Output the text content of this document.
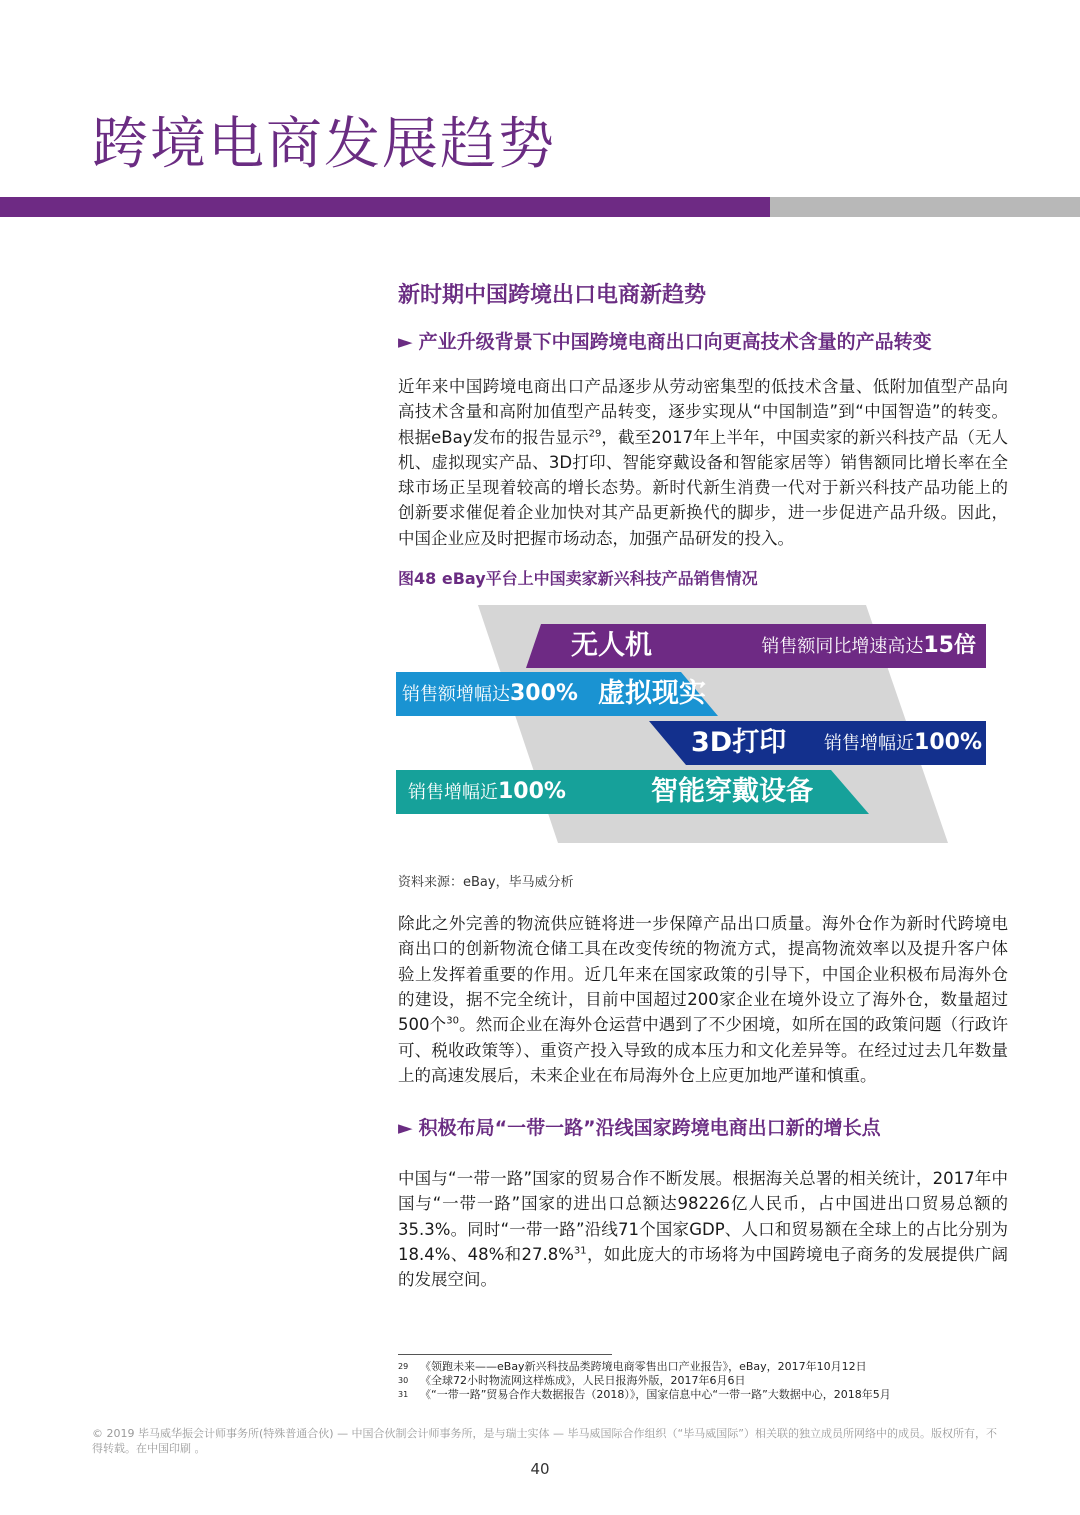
跨境电商发展趋势
新时期中国跨境出口电商新趋势
► 产业升级背景下中国跨境电商出口向更高技术含量的产品转变

近年来中国跨境电商出口产品逐步从劳动密集型的低技术含量、低附加值型产品向高技术含量和高附加值型产品转变，逐步实现从“中国制造”到“中国智造”的转变。根据eBay发布的报告显示$^{29}$，截至2017年上半年，中国卖家的新兴科技产品（无人机、虚拟现实产品、3D打印、智能穿戴设备和智能家居等）销售额同比增长率在全球市场正呈现着较高的增长态势。新时代新生消费一代对于新兴科技产品功能上的创新要求催促着企业加快对其产品更新换代的脚步，进一步促进产品升级。因此，中国企业应及时把握市场动态，加强产品研发的投入。

图48 eBay平台上中国卖家新兴科技产品销售情况

无人机	销售额同比增速高达15倍
销售额增幅达300% 虚拟现实
3D打印 销售增幅近100%
销售增幅近100%	智能穿戴设备

资料来源：eBay，毕马威分析

除此之外完善的物流供应链将进一步保障产品出口质量。海外仓作为新时代跨境电商出口的创新物流仓储工具在改变传统的物流方式，提高物流效率以及提升客户体验上发挥着重要的作用。近几年来在国家政策的引导下，中国企业积极布局海外仓的建设，据不完全统计，目前中国超过200家企业在境外设立了海外仓，数量超过500个$^{30}$。然而企业在海外仓运营中遇到了不少困境，如所在国的政策问题（行政许可、税收政策等）、重资产投入导致的成本压力和文化差异等。在经过过去几年数量上的高速发展后，未来企业在布局海外仓上应更加地严谨和慎重。

► 积极布局“一带一路”沿线国家跨境电商出口新的增长点

中国与“一带一路”国家的贸易合作不断发展。根据海关总署的相关统计，2017年中国与“一带一路”国家的进出口总额达98226亿人民币，占中国进出口贸易总额的35.3%。同时“一带一路”沿线71个国家GDP、人口和贸易额在全球上的占比分别为18.4%、48%和27.8%$^{31}$，如此庞大的市场将为中国跨境电子商务的发展提供广阔的发展空间。

29 《领跑未来——eBay新兴科技品类跨境电商零售出口产业报告》，eBay，2017年10月12日
30 《全球72小时物流网这样炼成》，人民日报海外版，2017年6月6日
31 《“一带一路”贸易合作大数据报告（2018）》，国家信息中心“一带一路”大数据中心，2018年5月
© 2019 毕马威华振会计师事务所(特殊普通合伙) — 中国合伙制会计师事务所，是与瑞士实体 — 毕马威国际合作组织（“毕马威国际”）相关联的独立成员所网络中的成员。版权所有，不得转载。在中国印刷 。
40
